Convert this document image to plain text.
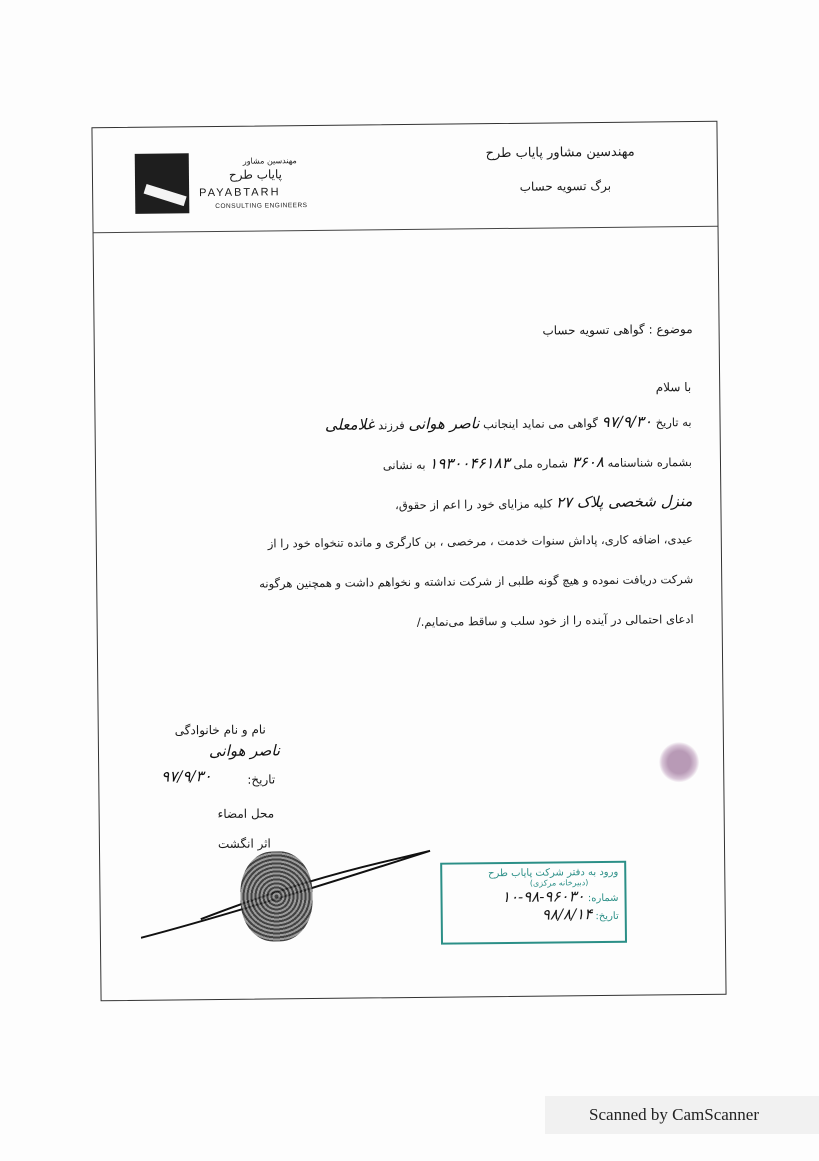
مهندسین مشاور
پایاب طرح
PAYABTARH
CONSULTING ENGINEERS
مهندسین مشاور پایاب طرح
برگ تسویه حساب
موضوع : گواهی تسویه حساب
با سلام
به تاریخ ۹۷/۹/۳۰ گواهی می نماید اینجانب ناصر هوانی فرزند غلامعلی
بشماره شناسنامه ۳۶۰۸ شماره ملی ۱۹۳۰۰۴۶۱۸۳ به نشانی
منزل شخصی پلاک ۲۷ کلیه مزایای خود را اعم از حقوق،
عیدی، اضافه کاری، پاداش سنوات خدمت ، مرخصی ، بن کارگری و مانده تنخواه خود را از
شرکت دریافت نموده و هیچ گونه طلبی از شرکت نداشته و نخواهم داشت و همچنین هرگونه
ادعای احتمالی در آینده را از خود سلب و ساقط می‌نمایم./
نام و نام خانوادگی
ناصر هوانی
تاریخ:
۹۷/۹/۳۰
محل امضاء
اثر انگشت
ورود به دفتر شرکت پایاب طرح
(دبیرخانه مرکزی)
شماره: ۹۶۰۳۰-۹۸-۱۰
تاریخ: ۹۸/۸/۱۴
Scanned by CamScanner
